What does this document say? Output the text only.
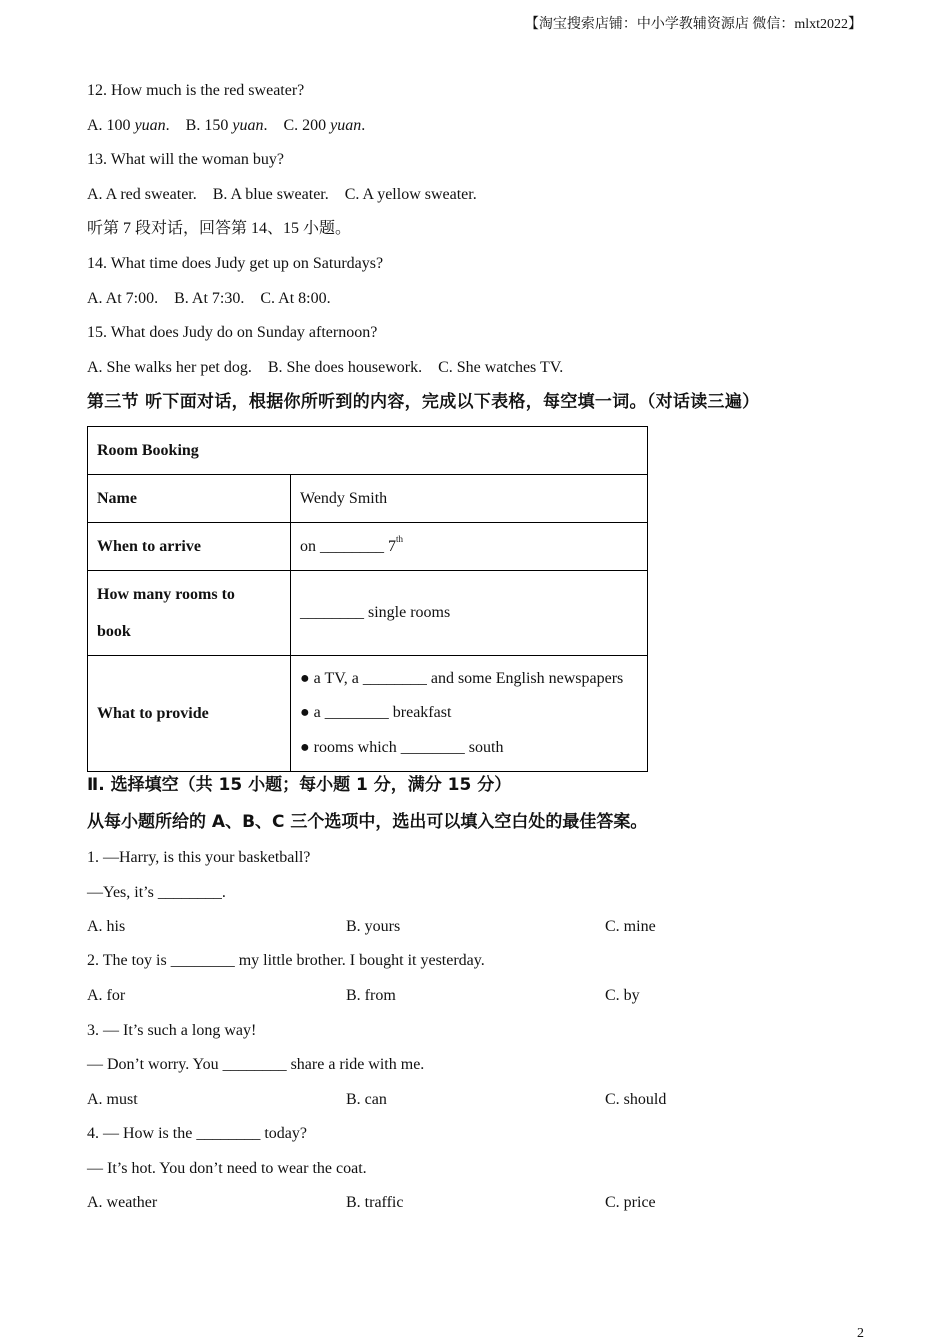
【淘宝搜索店铺：中小学教辅资源店 微信：mlxt2022】
12. How much is the red sweater?
A. 100 yuan. B. 150 yuan. C. 200 yuan.
13. What will the woman buy?
A. A red sweater.    B. A blue sweater.    C. A yellow sweater.
听第 7 段对话，回答第 14、15 小题。
14. What time does Judy get up on Saturdays?
A. At 7:00.    B. At 7:30.    C. At 8:00.
15. What does Judy do on Sunday afternoon?
A. She walks her pet dog.    B. She does housework.    C. She watches TV.
第三节 听下面对话，根据你所听到的内容，完成以下表格，每空填一词。（对话读三遍）
Room Booking	
Name	Wendy Smith
When to arrive	on ________ 7th
How many rooms to
book	________ single rooms
What to provide	● a TV, a ________ and some English newspapers
● a ________ breakfast
● rooms which ________ south
Ⅱ. 选择填空（共 15 小题；每小题 1 分，满分 15 分）
从每小题所给的 A、B、C 三个选项中，选出可以填入空白处的最佳答案。
1. —Harry, is this your basketball?
—Yes, it’s ________.
A. his	B. yours	C. mine
2. The toy is ________ my little brother. I bought it yesterday.
A. for	B. from	C. by
3. — It’s such a long way!
— Don’t worry. You ________ share a ride with me.
A. must	B. can	C. should
4. — How is the ________ today?
— It’s hot. You don’t need to wear the coat.
A. weather	B. traffic	C. price
2
